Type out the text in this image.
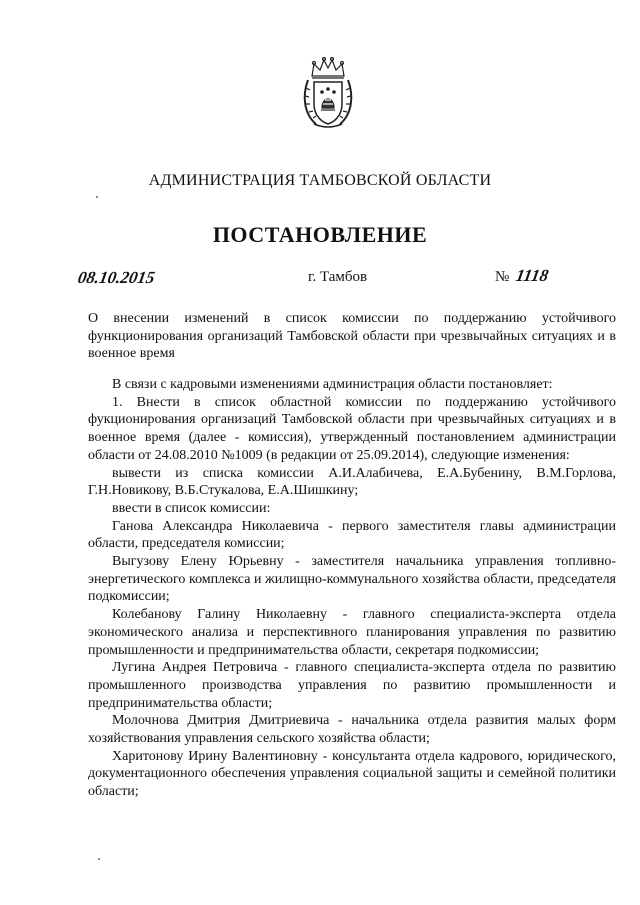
АДМИНИСТРАЦИЯ ТАМБОВСКОЙ ОБЛАСТИ
ПОСТАНОВЛЕНИЕ
08.10.2015	г. Тамбов	№ 1118
О внесении изменений в список комиссии по поддержанию устойчивого функционирования организаций Тамбовской области при чрезвычайных ситуациях и в военное время

В связи с кадровыми изменениями администрация области постановляет:

1. Внести в список областной комиссии по поддержанию устойчивого фукционирования организаций Тамбовской области при чрезвычайных ситуациях и в военное время (далее - комиссия), утвержденный постановлением администрации области от 24.08.2010 №1009 (в редакции от 25.09.2014), следующие изменения:

вывести из списка комиссии А.И.Алабичева, Е.А.Бубенину, В.М.Горлова, Г.Н.Новикову, В.Б.Стукалова, Е.А.Шишкину;

ввести в список комиссии:

Ганова Александра Николаевича - первого заместителя главы администрации области, председателя комиссии;

Выгузову Елену Юрьевну - заместителя начальника управления топливно-энергетического комплекса и жилищно-коммунального хозяйства области, председателя подкомиссии;

Колебанову Галину Николаевну - главного специалиста-эксперта отдела экономического анализа и перспективного планирования управления по развитию промышленности и предпринимательства области, секретаря подкомиссии;

Лугина Андрея Петровича - главного специалиста-эксперта отдела по развитию промышленного производства управления по развитию промышленности и предпринимательства области;

Молочнова Дмитрия Дмитриевича - начальника отдела развития малых форм хозяйствования управления сельского хозяйства области;

Харитонову Ирину Валентиновну - консультанта отдела кадрового, юридического, документационного обеспечения управления социальной защиты и семейной политики области;
